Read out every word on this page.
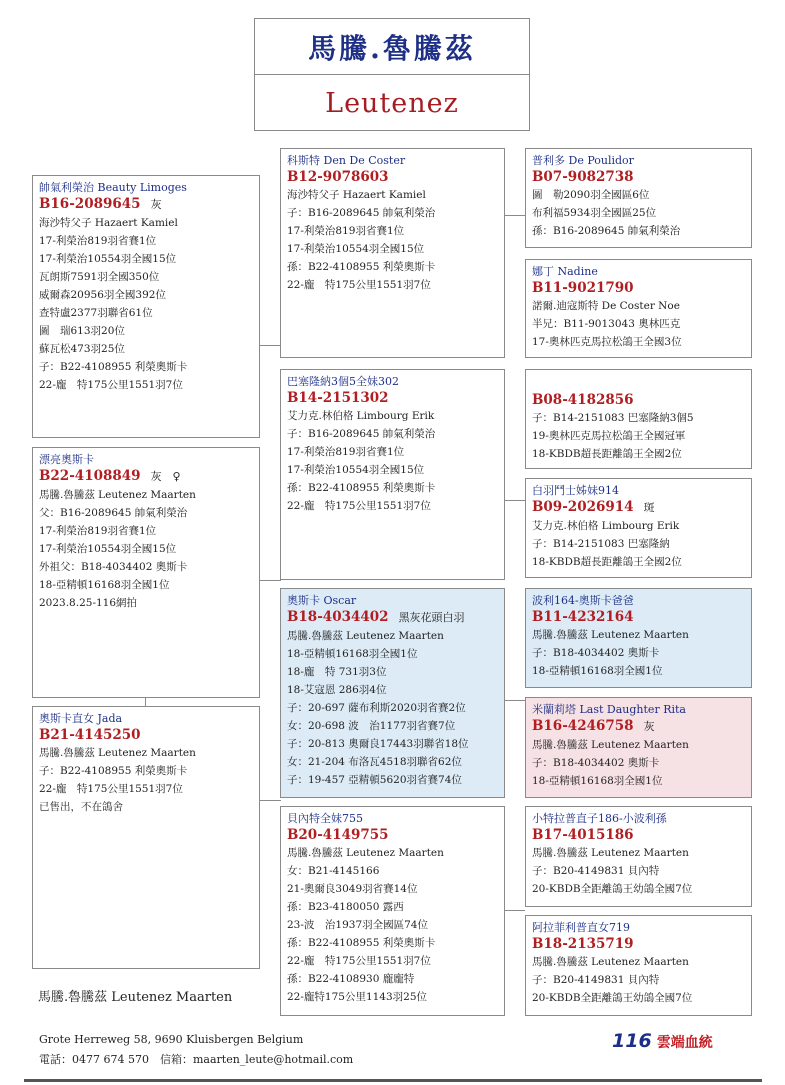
馬騰.魯騰茲
Leutenez
帥氣利榮治 Beauty Limoges
B16-2089645 灰
海沙特父子 Hazaert Kamiel
17-利榮治819羽省賽1位
17-利榮治10554羽全國15位
瓦朗斯7591羽全國350位
威爾森20956羽全國392位
查特盧2377羽聯省61位
圖　瑞613羽20位
蘇瓦松473羽25位
子：B22-4108955 利榮奧斯卡
22-龐　特175公里1551羽7位
漂亮奧斯卡
B22-4108849 灰　♀
馬騰.魯騰茲 Leutenez Maarten
父：B16-2089645 帥氣利榮治
17-利榮治819羽省賽1位
17-利榮治10554羽全國15位
外祖父：B18-4034402 奧斯卡
18-亞精頓16168羽全國1位
2023.8.25-116網拍
奧斯卡直女 Jada
B21-4145250
馬騰.魯騰茲 Leutenez Maarten
子：B22-4108955 利榮奧斯卡
22-龐　特175公里1551羽7位
已售出，不在鴿舍
科斯特 Den De Coster
B12-9078603
海沙特父子 Hazaert Kamiel
子：B16-2089645 帥氣利榮治
17-利榮治819羽省賽1位
17-利榮治10554羽全國15位
孫：B22-4108955 利榮奧斯卡
22-龐　特175公里1551羽7位
巴塞隆納3個5全妹302
B14-2151302
艾力克.林伯格 Limbourg Erik
子：B16-2089645 帥氣利榮治
17-利榮治819羽省賽1位
17-利榮治10554羽全國15位
孫：B22-4108955 利榮奧斯卡
22-龐　特175公里1551羽7位
奧斯卡 Oscar
B18-4034402 黑灰花頭白羽
馬騰.魯騰茲 Leutenez Maarten
18-亞精頓16168羽全國1位
18-龐　特 731羽3位
18-艾寇恩 286羽4位
子：20-697 薩布利斯2020羽省賽2位
女：20-698 波　治1177羽省賽7位
子：20-813 奧爾良17443羽聯省18位
女：21-204 布洛瓦4518羽聯省62位
子：19-457 亞精頓5620羽省賽74位
貝內特全妹755
B20-4149755
馬騰.魯騰茲 Leutenez Maarten
女：B21-4145166
21-奧爾良3049羽省賽14位
孫：B23-4180050 露西
23-波　治1937羽全國區74位
孫：B22-4108955 利榮奧斯卡
22-龐　特175公里1551羽7位
孫：B22-4108930 龐龐特
22-龐特175公里1143羽25位
普利多 De Poulidor
B07-9082738
圖　勒2090羽全國區6位
布利福5934羽全國區25位
孫：B16-2089645 帥氣利榮治
娜丁 Nadine
B11-9021790
諾爾.迪寇斯特 De Coster Noe
半兄：B11-9013043 奧林匹克
17-奧林匹克馬拉松鴿王全國3位
B08-4182856
子：B14-2151083 巴塞隆納3個5
19-奧林匹克馬拉松鴿王全國冠軍
18-KBDB超長距離鴿王全國2位
白羽鬥士姊妹914
B09-2026914 斑
艾力克.林伯格 Limbourg Erik
子：B14-2151083 巴塞隆納
18-KBDB超長距離鴿王全國2位
波利164-奧斯卡爸爸
B11-4232164
馬騰.魯騰茲 Leutenez Maarten
子：B18-4034402 奧斯卡
18-亞精頓16168羽全國1位
米蘭莉塔 Last Daughter Rita
B16-4246758 灰
馬騰.魯騰茲 Leutenez Maarten
子：B18-4034402 奧斯卡
18-亞精頓16168羽全國1位
小特拉普直子186-小波利孫
B17-4015186
馬騰.魯騰茲 Leutenez Maarten
子：B20-4149831 貝內特
20-KBDB全距離鴿王幼鴿全國7位
阿拉菲利普直女719
B18-2135719
馬騰.魯騰茲 Leutenez Maarten
子：B20-4149831 貝內特
20-KBDB全距離鴿王幼鴿全國7位
馬騰.魯騰茲 Leutenez Maarten
Grote Herreweg 58, 9690 Kluisbergen Belgium
電話：0477 674 570　信箱：maarten_leute@hotmail.com
116 雲端血統
